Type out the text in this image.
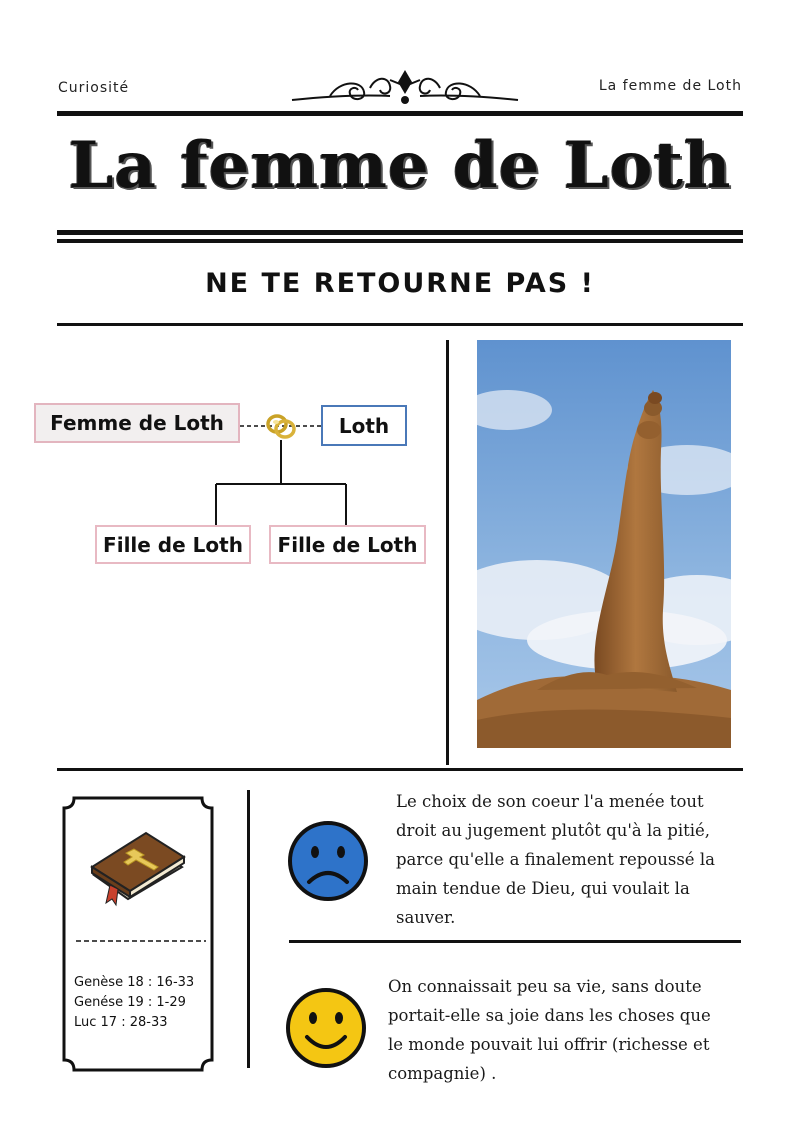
Curiosité	La femme de Loth
La femme de Loth
NE TE RETOURNE PAS !
Femme de Loth	Loth
Fille de Loth	Fille de Loth
Genèse 18 : 16-33
Genése 19 : 1-29
Luc 17 : 28-33
Le choix de son coeur l'a menée tout droit au jugement plutôt qu'à la pitié, parce qu'elle a finalement repoussé la main tendue de Dieu, qui voulait la sauver.
On connaissait peu sa vie, sans doute portait-elle sa joie dans les choses que le monde pouvait lui offrir (richesse et compagnie) .
